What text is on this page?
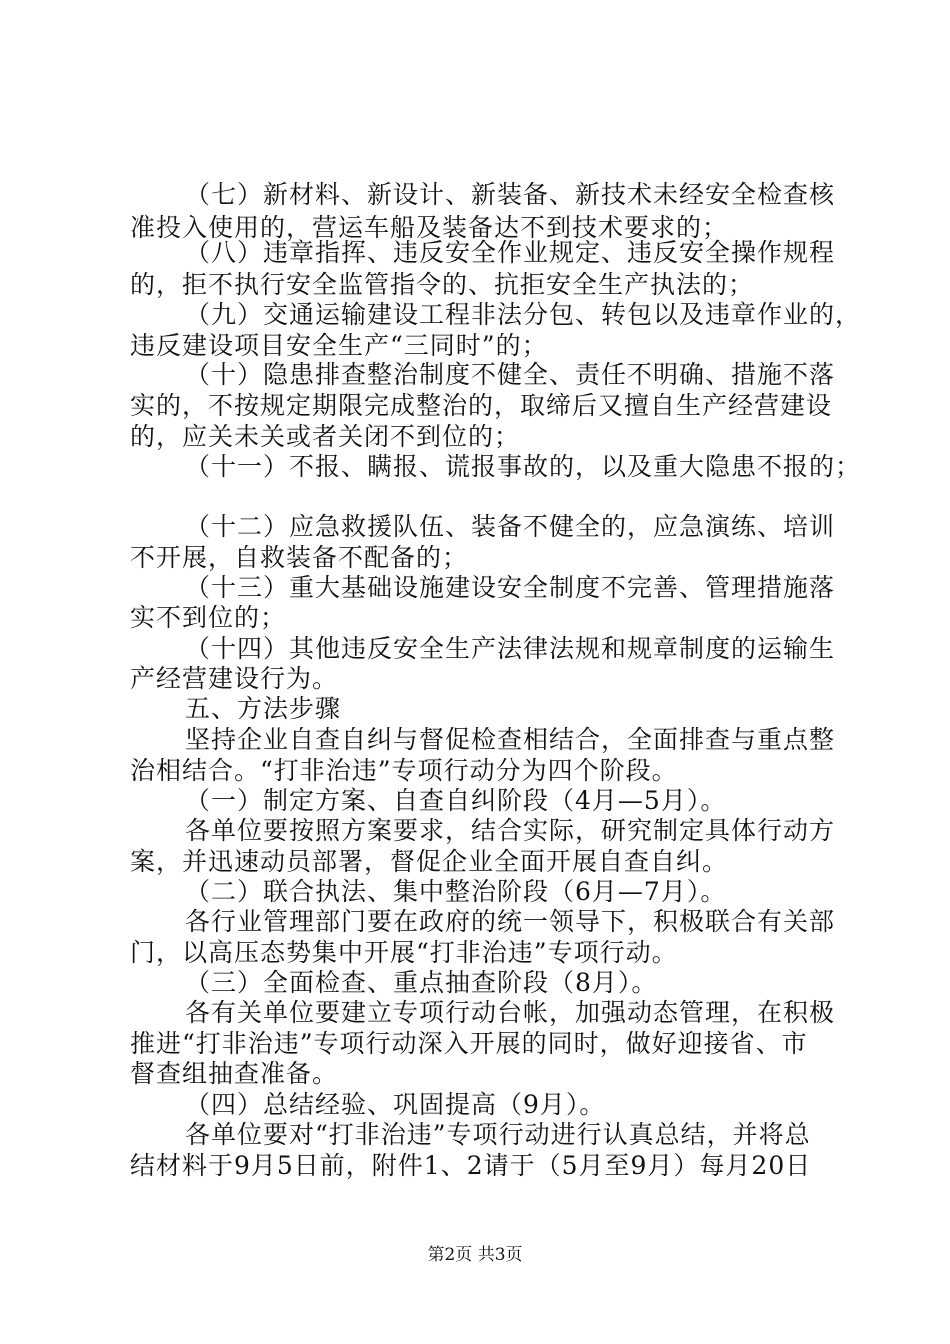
（七）新材料、新设计、新装备、新技术未经安全检查核
准投入使用的，营运车船及装备达不到技术要求的；
（八）违章指挥、违反安全作业规定、违反安全操作规程
的，拒不执行安全监管指令的、抗拒安全生产执法的；
（九）交通运输建设工程非法分包、转包以及违章作业的，
违反建设项目安全生产“三同时”的；
（十）隐患排查整治制度不健全、责任不明确、措施不落
实的，不按规定期限完成整治的，取缔后又擅自生产经营建设
的，应关未关或者关闭不到位的；
（十一）不报、瞒报、谎报事故的，以及重大隐患不报的；
（十二）应急救援队伍、装备不健全的，应急演练、培训
不开展，自救装备不配备的；
（十三）重大基础设施建设安全制度不完善、管理措施落
实不到位的；
（十四）其他违反安全生产法律法规和规章制度的运输生
产经营建设行为。
五、方法步骤
坚持企业自查自纠与督促检查相结合，全面排查与重点整
治相结合。“打非治违”专项行动分为四个阶段。
（一）制定方案、自查自纠阶段（4月—5月）。
各单位要按照方案要求，结合实际，研究制定具体行动方
案，并迅速动员部署，督促企业全面开展自查自纠。
（二）联合执法、集中整治阶段（6月—7月）。
各行业管理部门要在政府的统一领导下，积极联合有关部
门，以高压态势集中开展“打非治违”专项行动。
（三）全面检查、重点抽查阶段（8月）。
各有关单位要建立专项行动台帐，加强动态管理，在积极
推进“打非治违”专项行动深入开展的同时，做好迎接省、市
督查组抽查准备。
（四）总结经验、巩固提高（9月）。
各单位要对“打非治违”专项行动进行认真总结，并将总
结材料于9月5日前，附件1、2请于（5月至9月）每月20日
第2页 共3页
